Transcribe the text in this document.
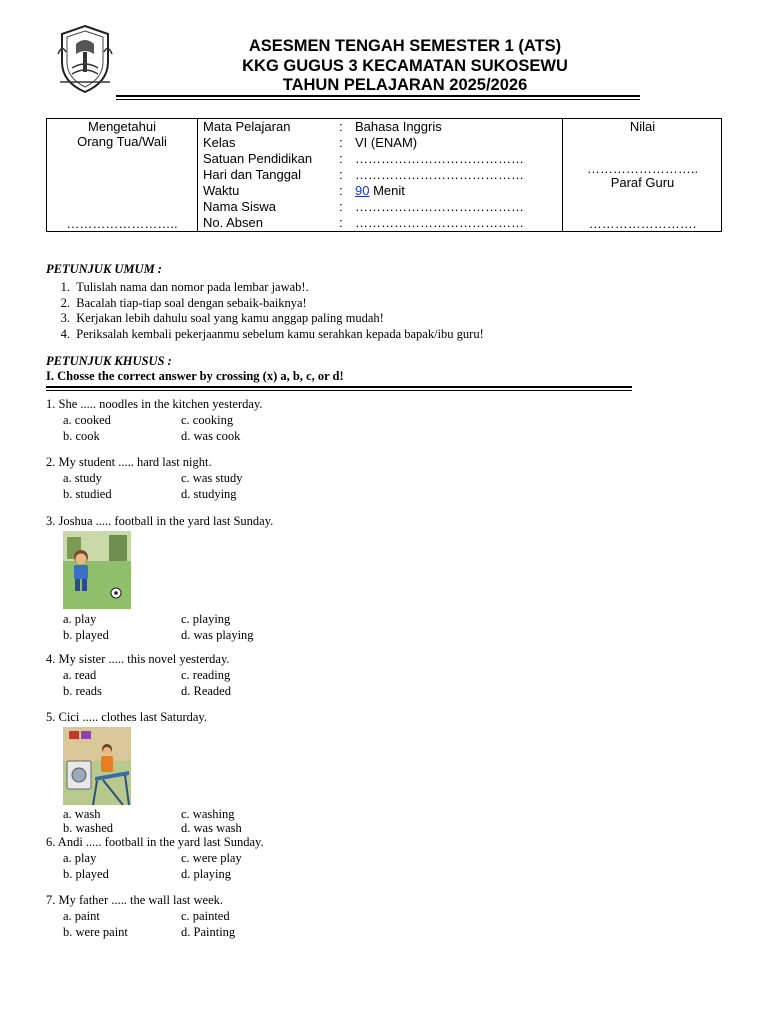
ASESMEN TENGAH SEMESTER 1 (ATS)
KKG GUGUS 3 KECAMATAN SUKOSEWU
TAHUN PELAJARAN 2025/2026
Mengetahui
Orang Tua/Wali
……………………..
Mata Pelajaran	: Bahasa Inggris
Kelas	: VI (ENAM)
Satuan Pendidikan : …………………………………
Hari dan Tanggal	: …………………………………
Waktu	: 90 Menit
Nama Siswa	: …………………………………
No. Absen	: …………………………………
Nilai
……………………..
Paraf Guru
…………………….
PETUNJUK UMUM :
1. Tulislah nama dan nomor pada lembar jawab!.
2. Bacalah tiap-tiap soal dengan sebaik-baiknya!
3. Kerjakan lebih dahulu soal yang kamu anggap paling mudah!
4. Periksalah kembali pekerjaanmu sebelum kamu serahkan kepada bapak/ibu guru!
PETUNJUK KHUSUS :
I. Chosse the correct answer by crossing (x) a, b, c, or d!
1. She ..... noodles in the kitchen yesterday.
a. cooked	c. cooking
b. cook	d. was cook
2. My student ..... hard last night.
a. study	c. was study
b. studied	d. studying
3. Joshua ..... football in the yard last Sunday.
a. play	c. playing
b. played	d. was playing
4. My sister ..... this novel yesterday.
a. read	c. reading
b. reads	d. Readed
5. Cici ..... clothes last Saturday.
a. wash	c. washing
b. washed	d. was wash
6. Andi ..... football in the yard last Sunday.
a. play	c. were play
b. played	d. playing
7. My father ..... the wall last week.
a. paint	c. painted
b. were paint	d. Painting
